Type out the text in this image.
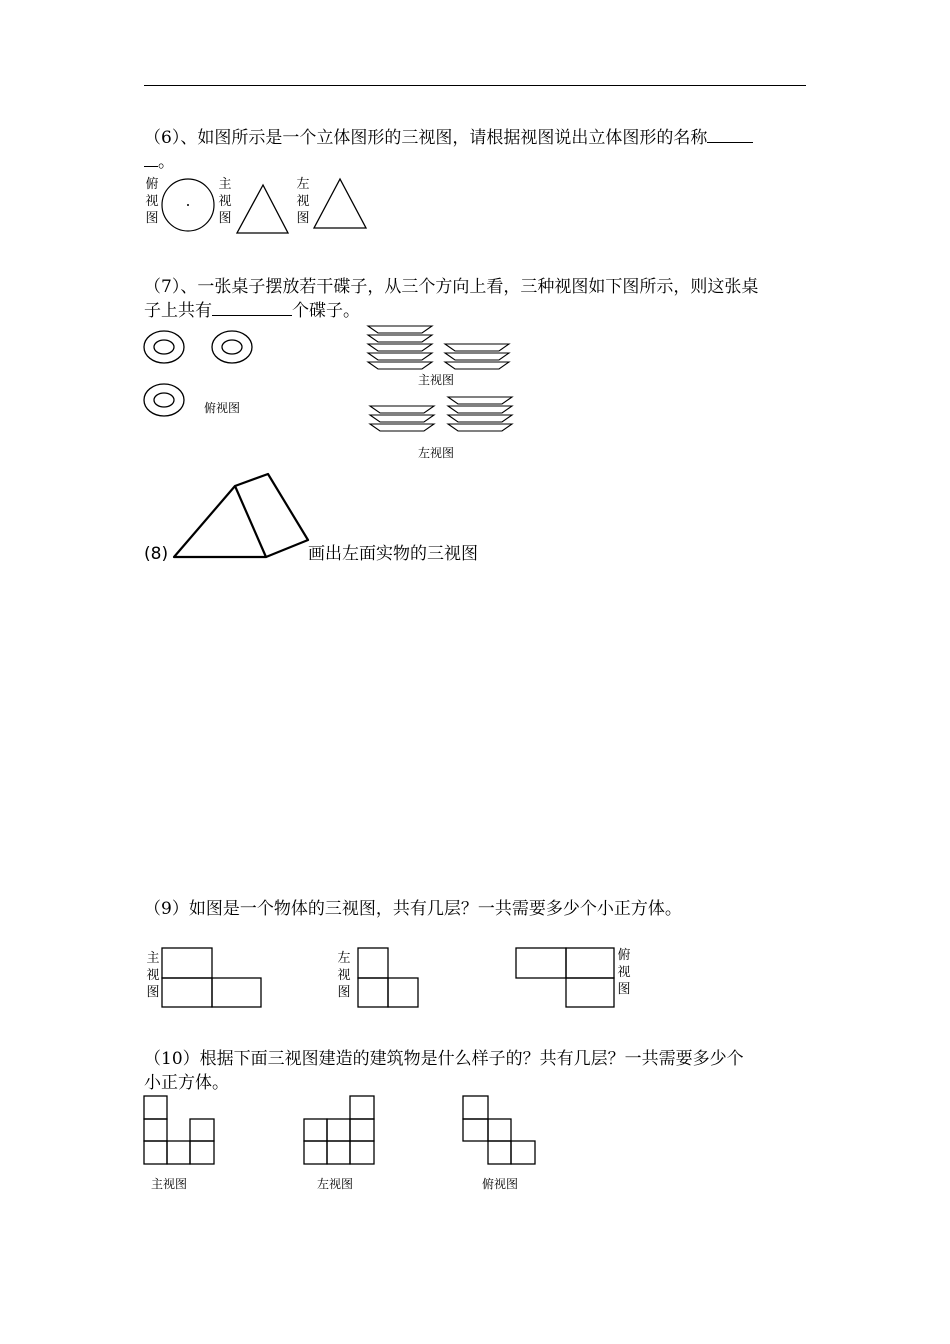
（6）、如图所示是一个立体图形的三视图，请根据视图说出立体图形的名称
。
俯视图
主视图
左视图
（7）、一张桌子摆放若干碟子，从三个方向上看，三种视图如下图所示，则这张桌
子上共有	个碟子。
俯视图
主视图
左视图
(8)	画出左面实物的三视图
（9）如图是一个物体的三视图，共有几层？一共需要多少个小正方体。
主视图
左视图
俯视图
（10）根据下面三视图建造的建筑物是什么样子的？共有几层？一共需要多少个
小正方体。
主视图	左视图	俯视图
